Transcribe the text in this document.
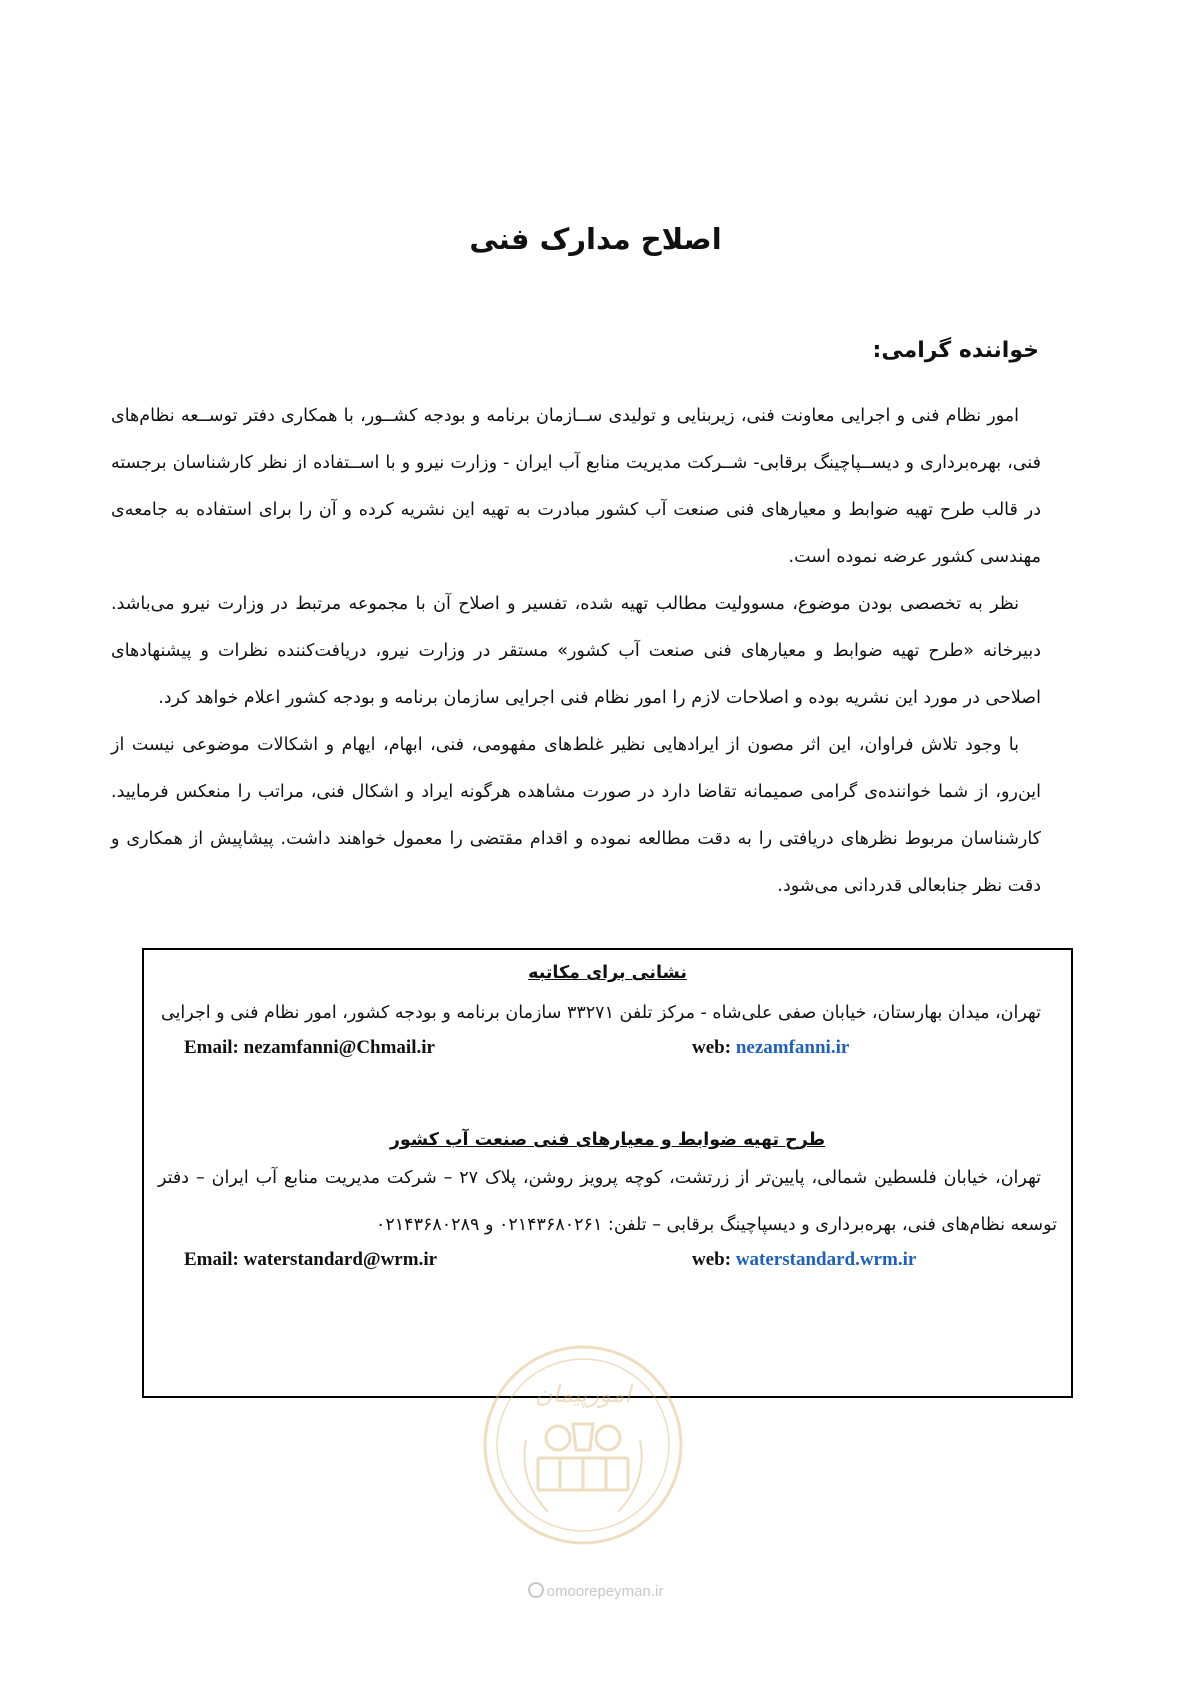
اصلاح مدارک فنی
خواننده گرامی:

امور نظام فنی و اجرایی معاونت فنی، زیربنایی و تولیدی ســازمان برنامه و بودجه کشــور، با همکاری دفتر توســعه نظام‌های فنی، بهره‌برداری و دیســپاچینگ برقابی- شــرکت مدیریت منابع آب ایران - وزارت نیرو و با اســتفاده از نظر کارشناسان برجسته در قالب طرح تهیه ضوابط و معیارهای فنی صنعت آب کشور مبادرت به تهیه این نشریه کرده و آن را برای استفاده به جامعه‌ی مهندسی کشور عرضه نموده است.

نظر به تخصصی بودن موضوع، مسوولیت مطالب تهیه شده، تفسیر و اصلاح آن با مجموعه مرتبط در وزارت نیرو می‌باشد. دبیرخانه «طرح تهیه ضوابط و معیارهای فنی صنعت آب کشور» مستقر در وزارت نیرو، دریافت‌کننده نظرات و پیشنهادهای اصلاحی در مورد این نشریه بوده و اصلاحات لازم را امور نظام فنی اجرایی سازمان برنامه و بودجه کشور اعلام خواهد کرد.

با وجود تلاش فراوان، این اثر مصون از ایرادهایی نظیر غلط‌های مفهومی، فنی، ابهام، ایهام و اشکالات موضوعی نیست از این‌رو، از شما خواننده‌ی گرامی صمیمانه تقاضا دارد در صورت مشاهده هرگونه ایراد و اشکال فنی، مراتب را منعکس فرمایید. کارشناسان مربوط نظرهای دریافتی را به دقت مطالعه نموده و اقدام مقتضی را معمول خواهند داشت. پیشاپیش از همکاری و دقت نظر جنابعالی قدردانی می‌شود.

نشانی برای مکاتبه

تهران، میدان بهارستان، خیابان صفی علی‌شاه - مرکز تلفن ۳۳۲۷۱ سازمان برنامه و بودجه کشور، امور نظام فنی و اجرایی

Email: nezamfanni@Chmail.ir	web: nezamfanni.ir

طرح تهیه ضوابط و معیارهای فنی صنعت آب کشور

تهران، خیابان فلسطین شمالی، پایین‌تر از زرتشت، کوچه پرویز روشن، پلاک ۲۷ – شرکت مدیریت منابع آب ایران – دفتر توسعه نظام‌های فنی، بهره‌برداری و دیسپاچینگ برقابی – تلفن: ۰۲۱۴۳۶۸۰۲۶۱ و ۰۲۱۴۳۶۸۰۲۸۹

Email: waterstandard@wrm.ir	web: waterstandard.wrm.ir
امورپیمان
omoorepeyman.ir
